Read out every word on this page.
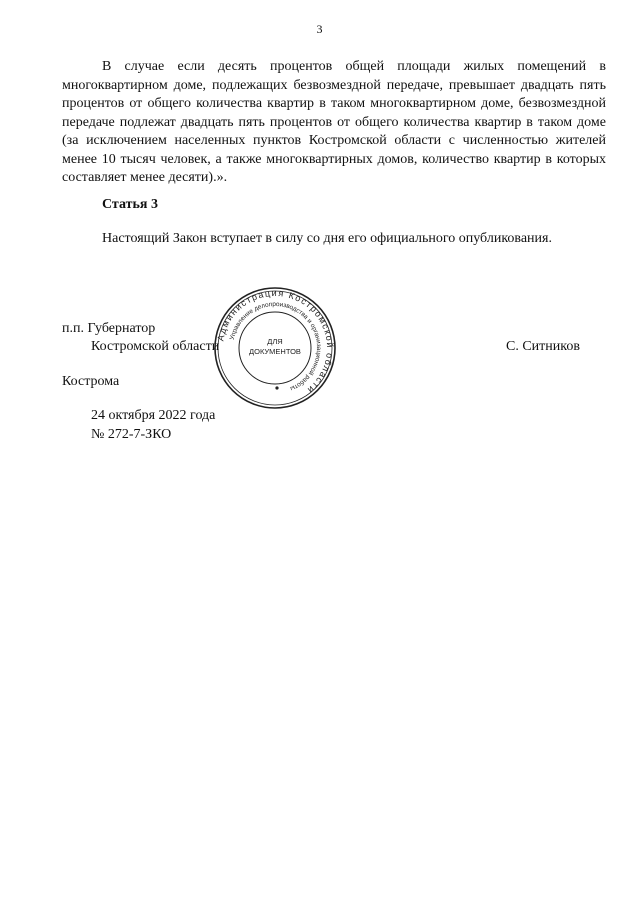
3

В случае если десять процентов общей площади жилых помещений в многоквартирном доме, подлежащих безвозмездной передаче, превышает двадцать пять процентов от общего количества квартир в таком многоквартирном доме, безвозмездной передаче подлежат двадцать пять процентов от общего количества квартир в таком доме (за исключением населенных пунктов Костромской области с численностью жителей менее 10 тысяч человек, а также многоквартирных домов, количество квартир в которых составляет менее десяти).».

Статья 3
Настоящий Закон вступает в силу со дня его официального опубликования.
п.п. Губернатор
Костромской области	С. Ситников
Администрация Костромской области
Управление делопроизводства и организационной работы
ДЛЯ
ДОКУМЕНТОВ
Кострома
24 октября 2022 года
№ 272-7-ЗКО
